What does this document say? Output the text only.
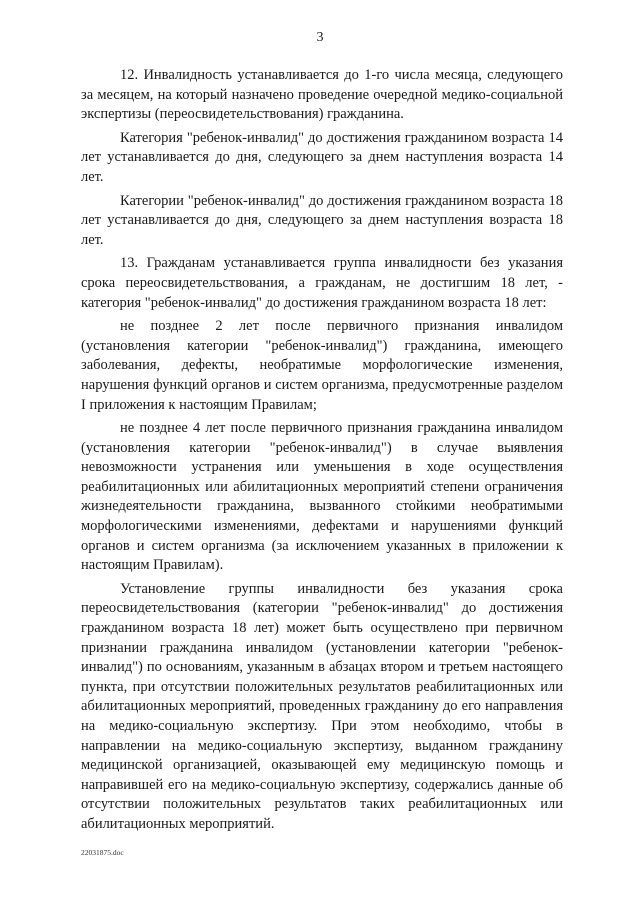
3

12. Инвалидность устанавливается до 1-го числа месяца, следующего за месяцем, на который назначено проведение очередной медико-социальной экспертизы (переосвидетельствования) гражданина.

Категория "ребенок-инвалид" до достижения гражданином возраста 14 лет устанавливается до дня, следующего за днем наступления возраста 14 лет.

Категории "ребенок-инвалид" до достижения гражданином возраста 18 лет устанавливается до дня, следующего за днем наступления возраста 18 лет.

13. Гражданам устанавливается группа инвалидности без указания срока переосвидетельствования, а гражданам, не достигшим 18 лет, - категория "ребенок-инвалид" до достижения гражданином возраста 18 лет:

не позднее 2 лет после первичного признания инвалидом (установления категории "ребенок-инвалид") гражданина, имеющего заболевания, дефекты, необратимые морфологические изменения, нарушения функций органов и систем организма, предусмотренные разделом I приложения к настоящим Правилам;

не позднее 4 лет после первичного признания гражданина инвалидом (установления категории "ребенок-инвалид") в случае выявления невозможности устранения или уменьшения в ходе осуществления реабилитационных или абилитационных мероприятий степени ограничения жизнедеятельности гражданина, вызванного стойкими необратимыми морфологическими изменениями, дефектами и нарушениями функций органов и систем организма (за исключением указанных в приложении к настоящим Правилам).

Установление группы инвалидности без указания срока переосвидетельствования (категории "ребенок-инвалид" до достижения гражданином возраста 18 лет) может быть осуществлено при первичном признании гражданина инвалидом (установлении категории "ребенок-инвалид") по основаниям, указанным в абзацах втором и третьем настоящего пункта, при отсутствии положительных результатов реабилитационных или абилитационных мероприятий, проведенных гражданину до его направления на медико-социальную экспертизу. При этом необходимо, чтобы в направлении на медико-социальную экспертизу, выданном гражданину медицинской организацией, оказывающей ему медицинскую помощь и направившей его на медико-социальную экспертизу, содержались данные об отсутствии положительных результатов таких реабилитационных или абилитационных мероприятий.

22031875.doc
